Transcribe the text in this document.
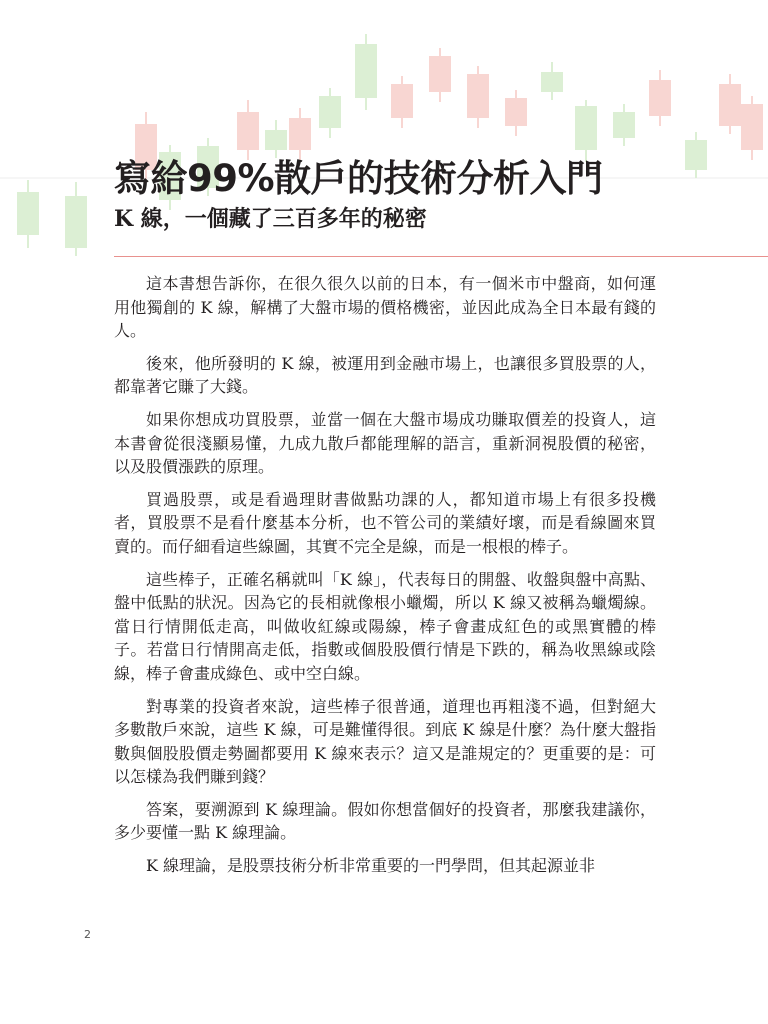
寫給99%散戶的技術分析入門
K 線，一個藏了三百多年的秘密

這本書想告訴你，在很久很久以前的日本，有一個米市中盤商，如何運用他獨創的 K 線，解構了大盤市場的價格機密，並因此成為全日本最有錢的人。

後來，他所發明的 K 線，被運用到金融市場上，也讓很多買股票的人，都靠著它賺了大錢。

如果你想成功買股票，並當一個在大盤市場成功賺取價差的投資人，這本書會從很淺顯易懂，九成九散戶都能理解的語言，重新洞視股價的秘密，以及股價漲跌的原理。

買過股票，或是看過理財書做點功課的人，都知道市場上有很多投機者，買股票不是看什麼基本分析，也不管公司的業績好壞，而是看線圖來買賣的。而仔細看這些線圖，其實不完全是線，而是一根根的棒子。

這些棒子，正確名稱就叫「K 線」，代表每日的開盤、收盤與盤中高點、盤中低點的狀況。因為它的長相就像根小蠟燭，所以 K 線又被稱為蠟燭線。當日行情開低走高，叫做收紅線或陽線，棒子會畫成紅色的或黑實體的棒子。若當日行情開高走低，指數或個股股價行情是下跌的，稱為收黑線或陰線，棒子會畫成綠色、或中空白線。

對專業的投資者來說，這些棒子很普通，道理也再粗淺不過，但對絕大多數散戶來說，這些 K 線，可是難懂得很。到底 K 線是什麼？為什麼大盤指數與個股股價走勢圖都要用 K 線來表示？這又是誰規定的？更重要的是：可以怎樣為我們賺到錢？

答案，要溯源到 K 線理論。假如你想當個好的投資者，那麼我建議你，多少要懂一點 K 線理論。

K 線理論，是股票技術分析非常重要的一門學問，但其起源並非

2
